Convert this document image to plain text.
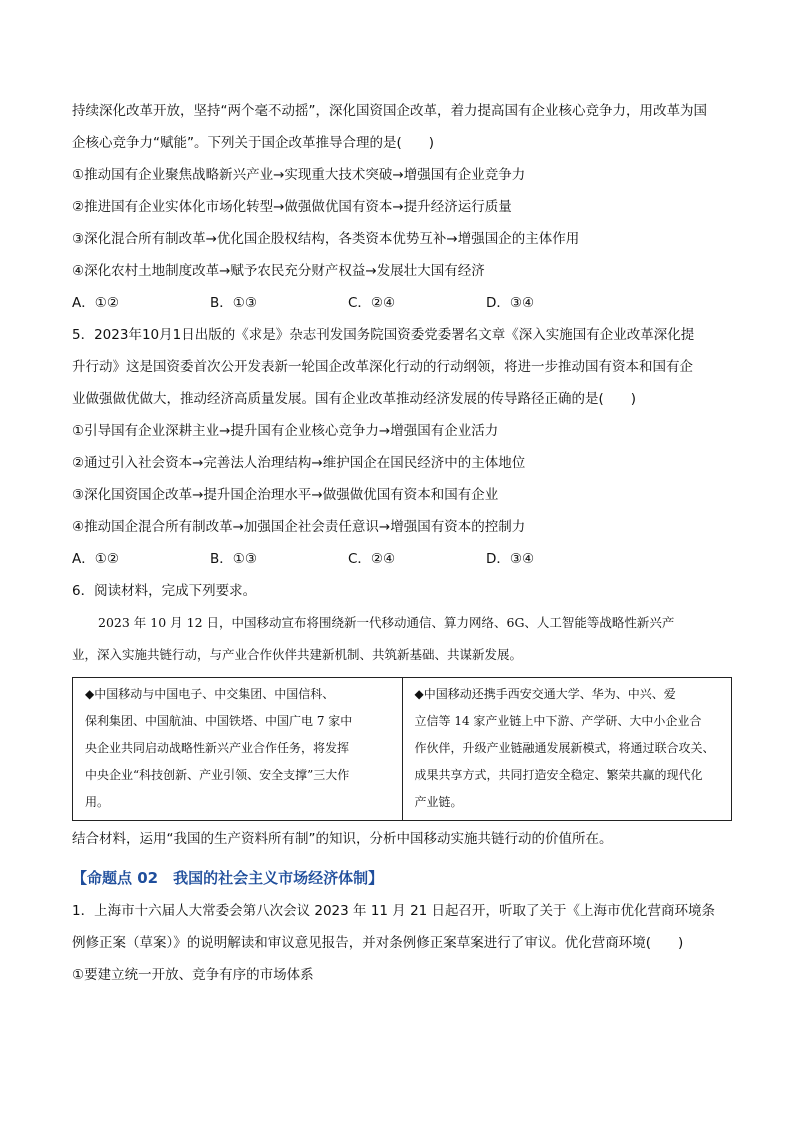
持续深化改革开放，坚持“两个毫不动摇”，深化国资国企改革，着力提高国有企业核心竞争力，用改革为国

企核心竞争力“赋能”。下列关于国企改革推导合理的是(　　)

①推动国有企业聚焦战略新兴产业→实现重大技术突破→增强国有企业竞争力

②推进国有企业实体化市场化转型→做强做优国有资本→提升经济运行质量

③深化混合所有制改革→优化国企股权结构，各类资本优势互补→增强国企的主体作用

④深化农村土地制度改革→赋予农民充分财产权益→发展壮大国有经济

A．①②	B．①③	C．②④	D．③④

5．2023年10月1日出版的《求是》杂志刊发国务院国资委党委署名文章《深入实施国有企业改革深化提

升行动》这是国资委首次公开发表新一轮国企改革深化行动的行动纲领，将进一步推动国有资本和国有企

业做强做优做大，推动经济高质量发展。国有企业改革推动经济发展的传导路径正确的是(　　)

①引导国有企业深耕主业→提升国有企业核心竞争力→增强国有企业活力

②通过引入社会资本→完善法人治理结构→维护国企在国民经济中的主体地位

③深化国资国企改革→提升国企治理水平→做强做优国有资本和国有企业

④推动国企混合所有制改革→加强国企社会责任意识→增强国有资本的控制力

A．①②	B．①③	C．②④	D．③④

6．阅读材料，完成下列要求。

2023 年 10 月 12 日，中国移动宣布将围绕新一代移动通信、算力网络、6G、人工智能等战略性新兴产
业，深入实施共链行动，与产业合作伙伴共建新机制、共筑新基础、共谋新发展。
◆中国移动与中国电子、中交集团、中国信科、
保利集团、中国航油、中国铁塔、中国广电 7 家中
央企业共同启动战略性新兴产业合作任务，将发挥
中央企业“科技创新、产业引领、安全支撑”三大作
用。

◆中国移动还携手西安交通大学、华为、中兴、爱
立信等 14 家产业链上中下游、产学研、大中小企业合
作伙伴，升级产业链融通发展新模式，将通过联合攻关、
成果共享方式，共同打造安全稳定、繁荣共赢的现代化
产业链。

结合材料，运用“我国的生产资料所有制”的知识，分析中国移动实施共链行动的价值所在。

【命题点 02　我国的社会主义市场经济体制】

1．上海市十六届人大常委会第八次会议 2023 年 11 月 21 日起召开，听取了关于《上海市优化营商环境条

例修正案（草案）》的说明解读和审议意见报告，并对条例修正案草案进行了审议。优化营商环境(　　)

①要建立统一开放、竞争有序的市场体系
